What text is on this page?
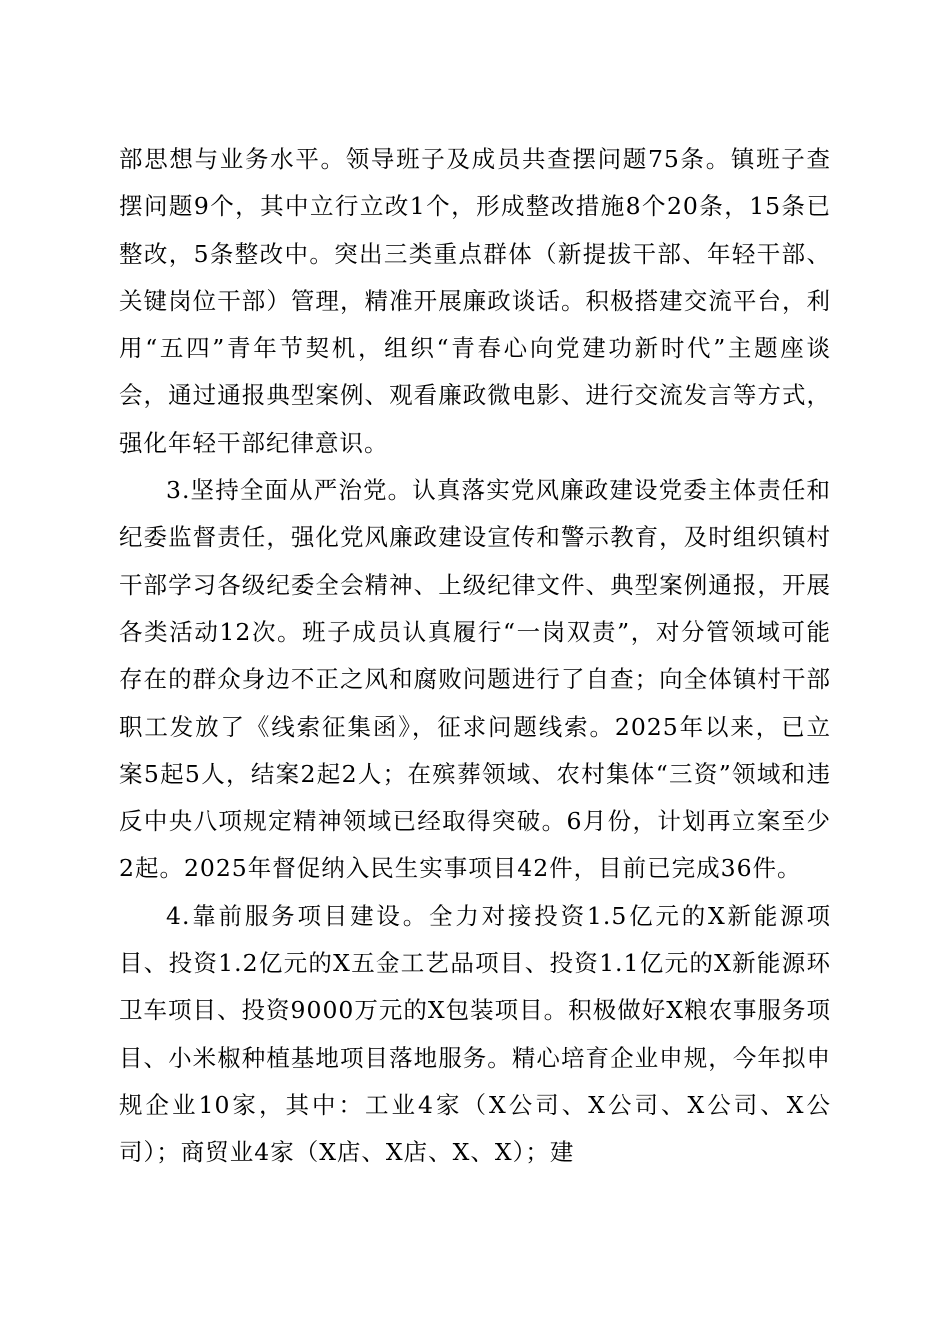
部思想与业务水平。领导班子及成员共查摆问题75条。镇班子查摆问题9个，其中立行立改1个，形成整改措施8个20条，15条已整改，5条整改中。突出三类重点群体（新提拔干部、年轻干部、关键岗位干部）管理，精准开展廉政谈话。积极搭建交流平台，利用“五四”青年节契机，组织“青春心向党建功新时代”主题座谈会，通过通报典型案例、观看廉政微电影、进行交流发言等方式，强化年轻干部纪律意识。

3.坚持全面从严治党。认真落实党风廉政建设党委主体责任和纪委监督责任，强化党风廉政建设宣传和警示教育，及时组织镇村干部学习各级纪委全会精神、上级纪律文件、典型案例通报，开展各类活动12次。班子成员认真履行“一岗双责”，对分管领域可能存在的群众身边不正之风和腐败问题进行了自查；向全体镇村干部职工发放了《线索征集函》，征求问题线索。2025年以来，已立案5起5人，结案2起2人；在殡葬领域、农村集体“三资”领域和违反中央八项规定精神领域已经取得突破。6月份，计划再立案至少2起。2025年督促纳入民生实事项目42件，目前已完成36件。

4.靠前服务项目建设。全力对接投资1.5亿元的X新能源项目、投资1.2亿元的X五金工艺品项目、投资1.1亿元的X新能源环卫车项目、投资9000万元的X包装项目。积极做好X粮农事服务项目、小米椒种植基地项目落地服务。精心培育企业申规，今年拟申规企业10家，其中：工业4家（X公司、X公司、X公司、X公司）；商贸业4家（X店、X店、X、X）；建
